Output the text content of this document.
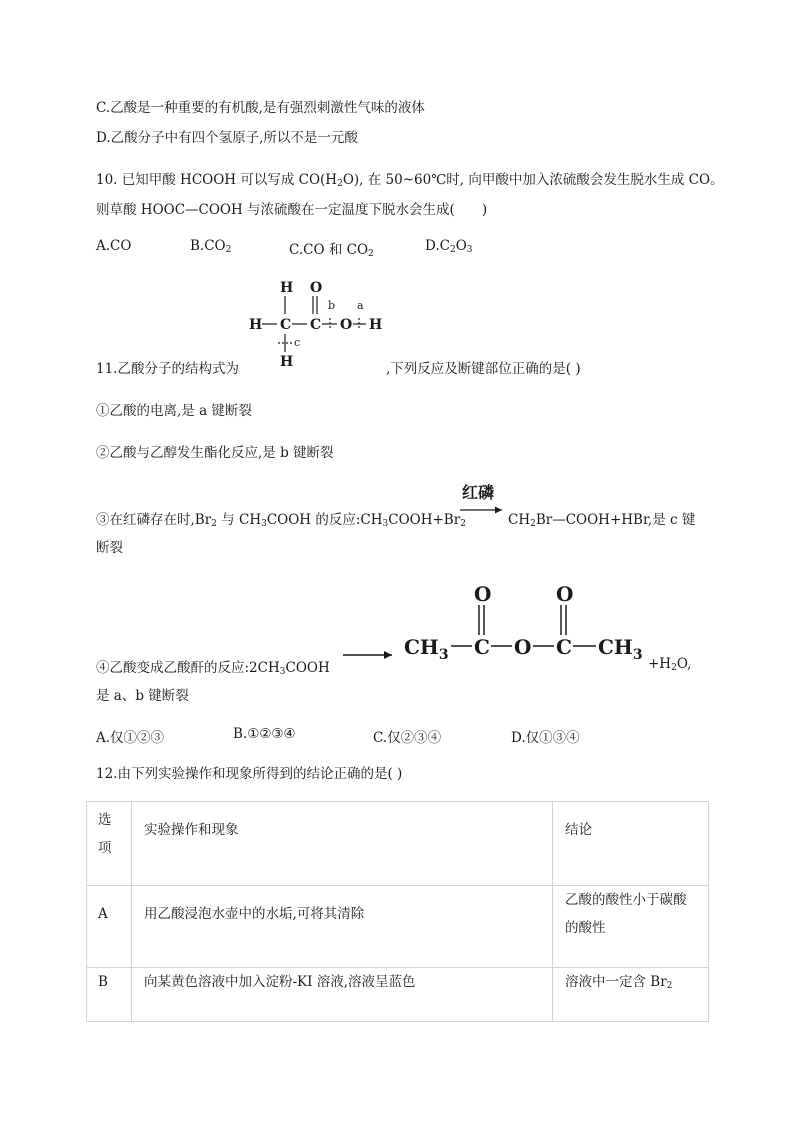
C.乙酸是一种重要的有机酸,是有强烈刺激性气味的液体
D.乙酸分子中有四个氢原子,所以不是一元酸
10. 已知甲酸 HCOOH 可以写成 $CO(H_2O)$, 在 50~60℃时, 向甲酸中加入浓硫酸会发生脱水生成 CO。
则草酸 HOOC—COOH 与浓硫酸在一定温度下脱水会生成(　　)
A.CO	$B.CO_2$	C.CO 和 $CO_2$	$D.C_2O_3$
H O
H C C O H
H
b a
c
11.乙酸分子的结构式为	,下列反应及断键部位正确的是( )
①乙酸的电离,是 a 键断裂
②乙酸与乙醇发生酯化反应,是 b 键断裂
③在红磷存在时$,Br_2$ 与 $CH_3COOH$ 的反应$:CH_3COOH+Br_2$
红磷
$CH_2Br—COOH+HBr$,是 c 键
断裂
④乙酸变成乙酸酐的反应$:2CH_3COOH$
O	O
$CH_3$ C O C $CH_3$
$+H_2O$,
是 a、b 键断裂
A.仅①②③	B.①②③④	C.仅②③④	D.仅①③④
12.由下列实验操作和现象所得到的结论正确的是( )
选
项	实验操作和现象	结论

A	用乙酸浸泡水壶中的水垢,可将其清除	乙酸的酸性小于碳酸
的酸性

B	向某黄色溶液中加入淀粉-KI 溶液,溶液呈蓝色	溶液中一定含 $Br_2$
